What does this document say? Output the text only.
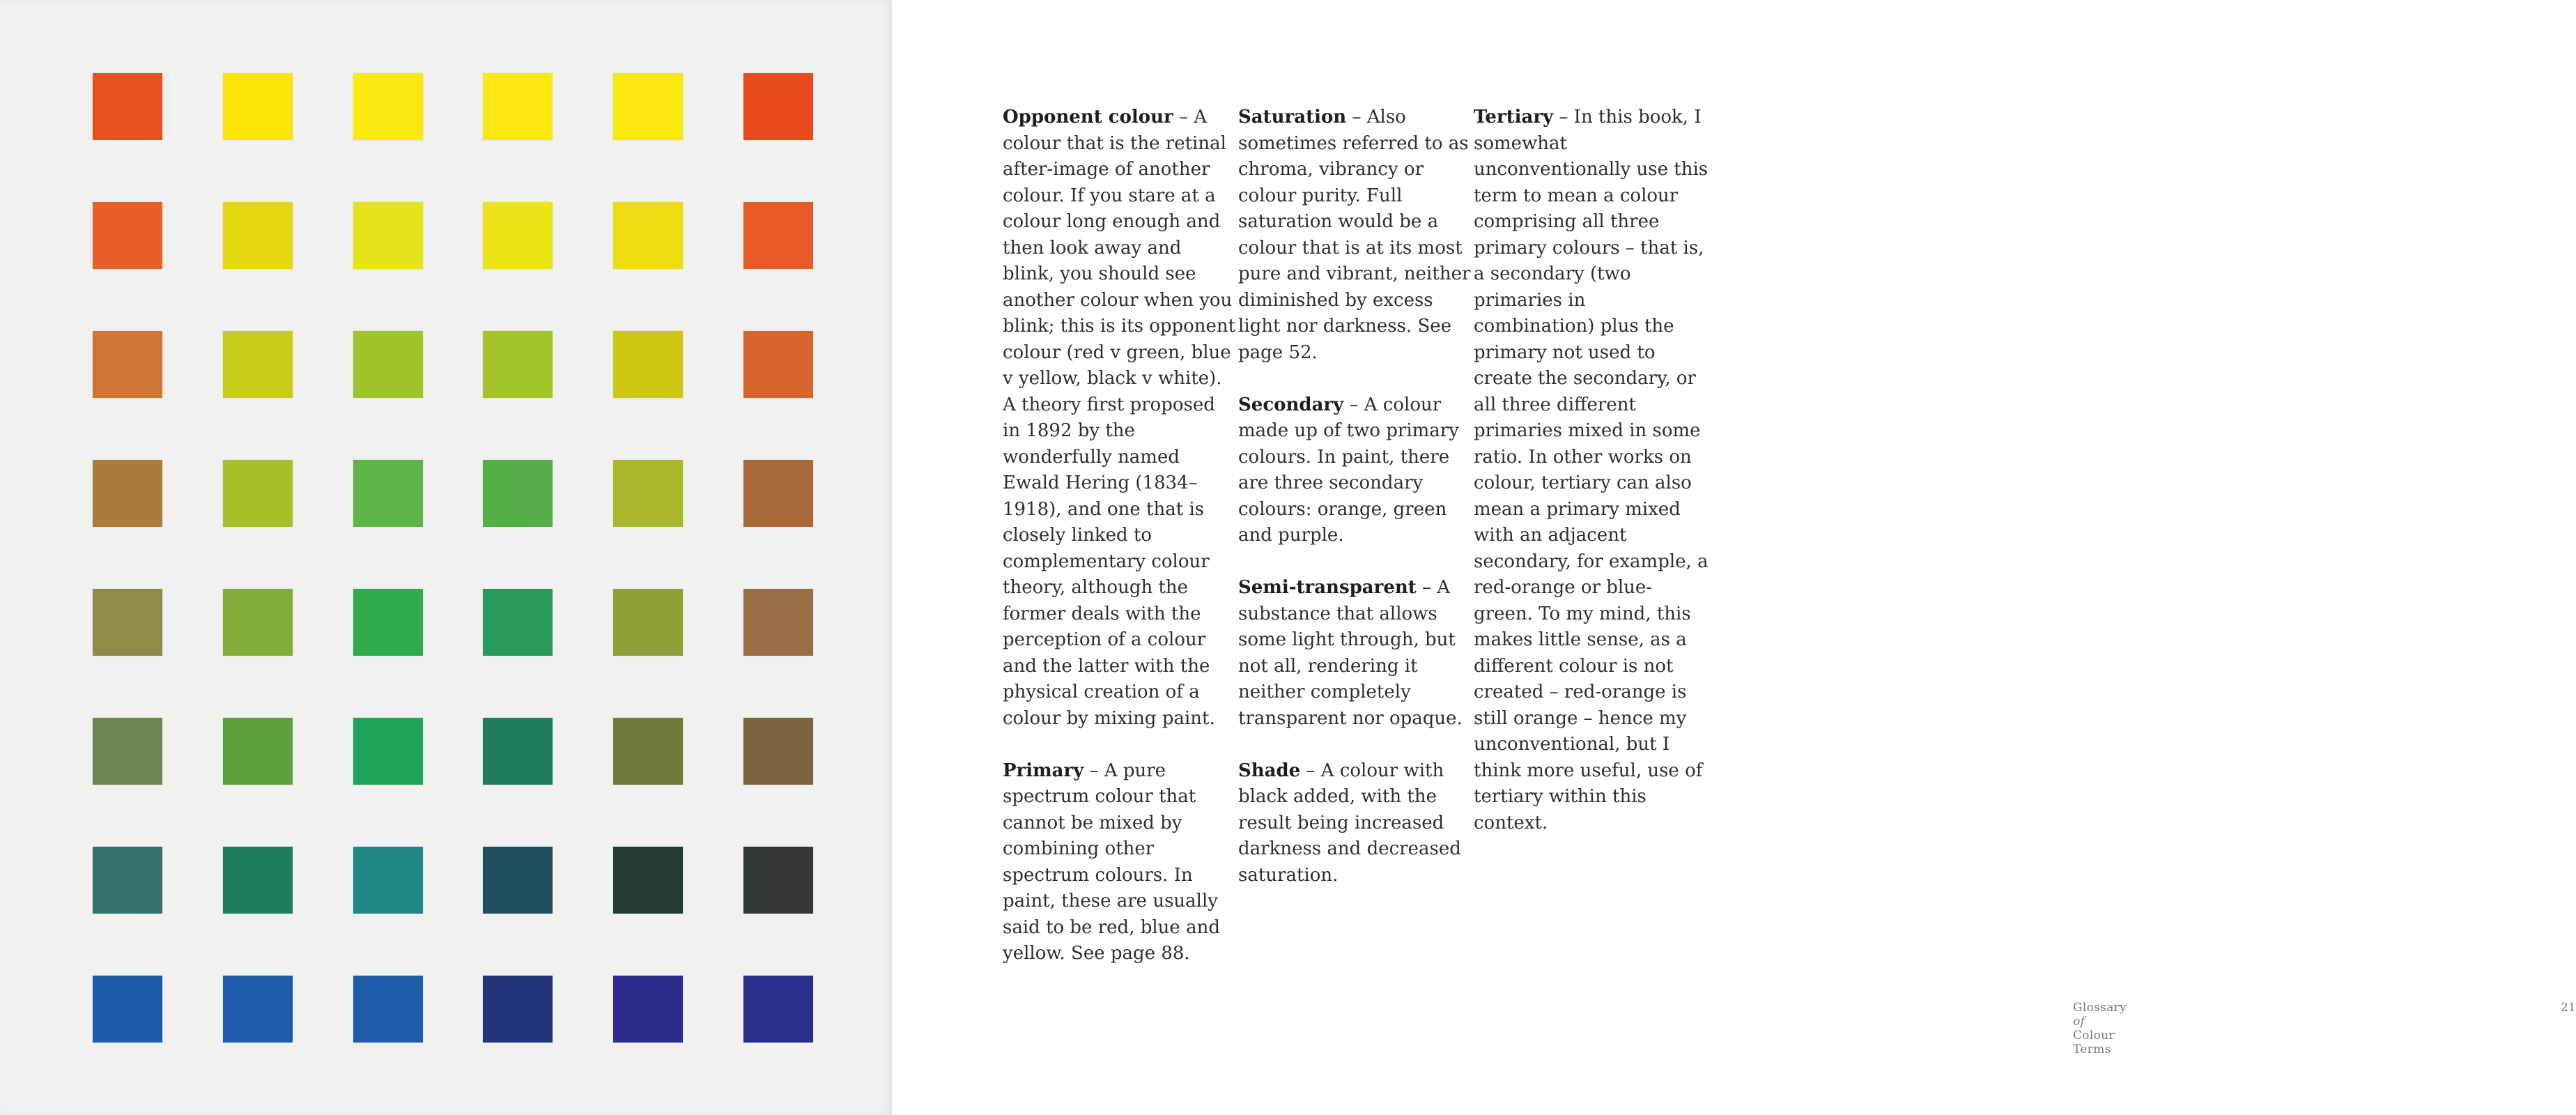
Opponent colour – A colour that is the retinal after-image of another colour. If you stare at a colour long enough and then look away and blink, you should see another colour when you blink; this is its opponent colour (red v green, blue v yellow, black v white). A theory first proposed in 1892 by the wonderfully named Ewald Hering (1834–1918), and one that is closely linked to complementary colour theory, although the former deals with the perception of a colour and the latter with the physical creation of a colour by mixing paint.

Primary – A pure spectrum colour that cannot be mixed by combining other spectrum colours. In paint, these are usually said to be red, blue and yellow. See page 88.

Saturation – Also sometimes referred to as chroma, vibrancy or colour purity. Full saturation would be a colour that is at its most pure and vibrant, neither diminished by excess light nor darkness. See page 52.

Secondary – A colour made up of two primary colours. In paint, there are three secondary colours: orange, green and purple.

Semi-transparent – A substance that allows some light through, but not all, rendering it neither completely transparent nor opaque.

Shade – A colour with black added, with the result being increased darkness and decreased saturation.

Tertiary – In this book, I somewhat unconventionally use this term to mean a colour comprising all three primary colours – that is, a secondary (two primaries in combination) plus the primary not used to create the secondary, or all three different primaries mixed in some ratio. In other works on colour, tertiary can also mean a primary mixed with an adjacent secondary, for example, a red-orange or blue-green. To my mind, this makes little sense, as a different colour is not created – red-orange is still orange – hence my unconventional, but I think more useful, use of tertiary within this context.

Glossary of Colour Terms
21
